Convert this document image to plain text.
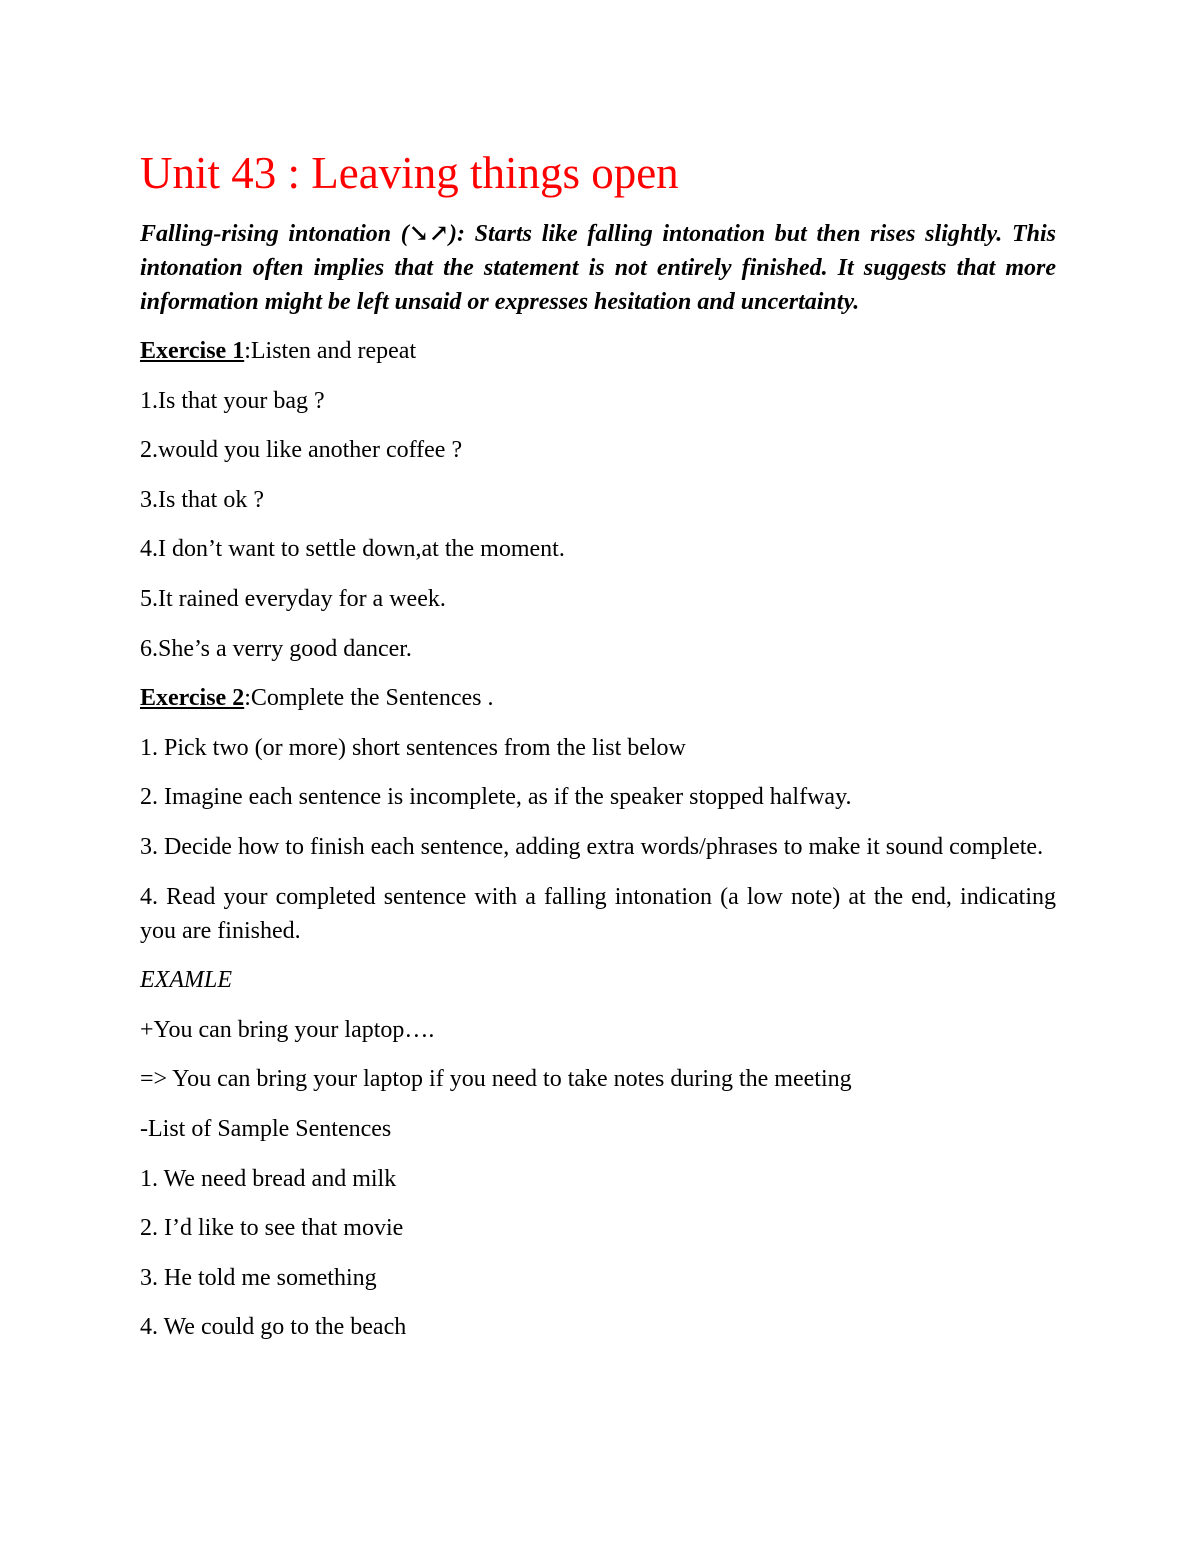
Unit 43 : Leaving things open

Falling-rising intonation (↘↗): Starts like falling intonation but then rises slightly. This intonation often implies that the statement is not entirely finished. It suggests that more information might be left unsaid or expresses hesitation and uncertainty.

Exercise 1:Listen and repeat

1.Is that your bag ?

2.would you like another coffee ?

3.Is that ok ?

4.I don’t want to settle down,at the moment.

5.It rained everyday for a week.

6.She’s a verry good dancer.

Exercise 2:Complete the Sentences .

1. Pick two (or more) short sentences from the list below

2. Imagine each sentence is incomplete, as if the speaker stopped halfway.

3. Decide how to finish each sentence, adding extra words/phrases to make it sound complete.

4. Read your completed sentence with a falling intonation (a low note) at the end, indicating you are finished.

EXAMLE

+You can bring your laptop….

=> You can bring your laptop if you need to take notes during the meeting

-List of Sample Sentences

1. We need bread and milk

2. I’d like to see that movie

3. He told me something

4. We could go to the beach
